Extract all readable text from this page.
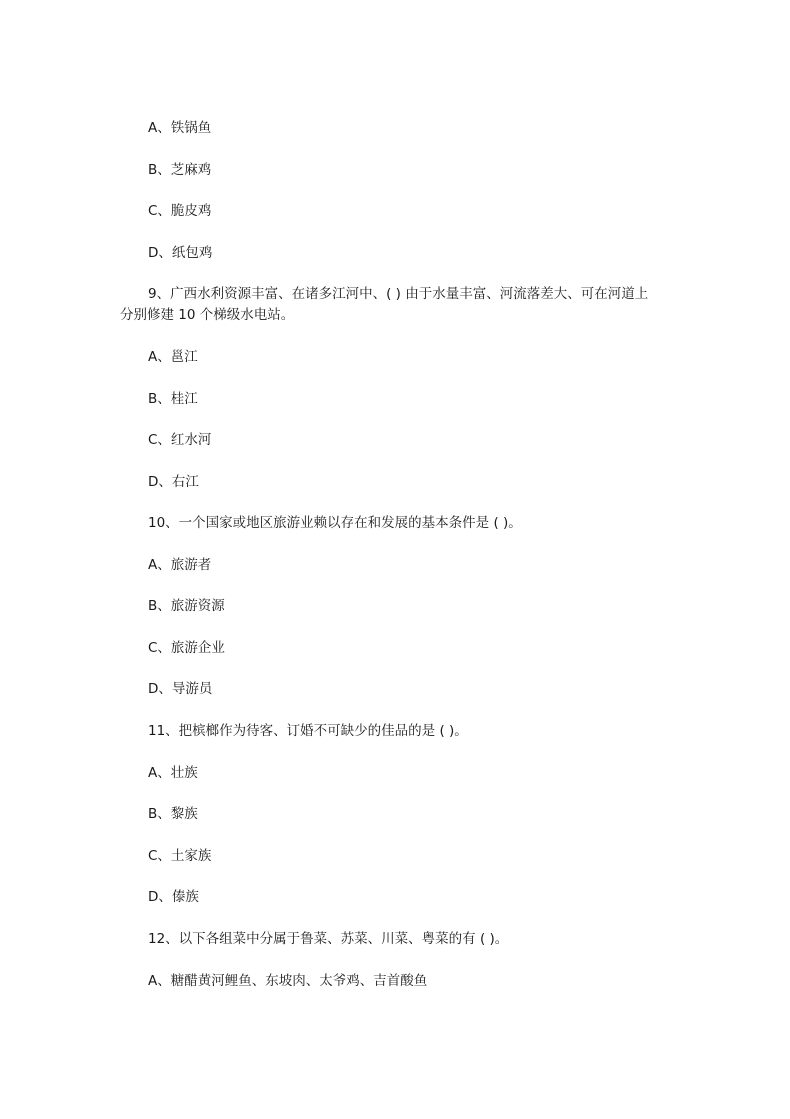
A、铁锅鱼
B、芝麻鸡
C、脆皮鸡
D、纸包鸡
9、广西水利资源丰富、在诸多江河中、( ) 由于水量丰富、河流落差大、可在河道上
分别修建 10 个梯级水电站。
A、邕江
B、桂江
C、红水河
D、右江
10、一个国家或地区旅游业赖以存在和发展的基本条件是 ( )。
A、旅游者
B、旅游资源
C、旅游企业
D、导游员
11、把槟榔作为待客、订婚不可缺少的佳品的是 ( )。
A、壮族
B、黎族
C、土家族
D、傣族
12、以下各组菜中分属于鲁菜、苏菜、川菜、粤菜的有 ( )。
A、糖醋黄河鲤鱼、东坡肉、太爷鸡、吉首酸鱼
